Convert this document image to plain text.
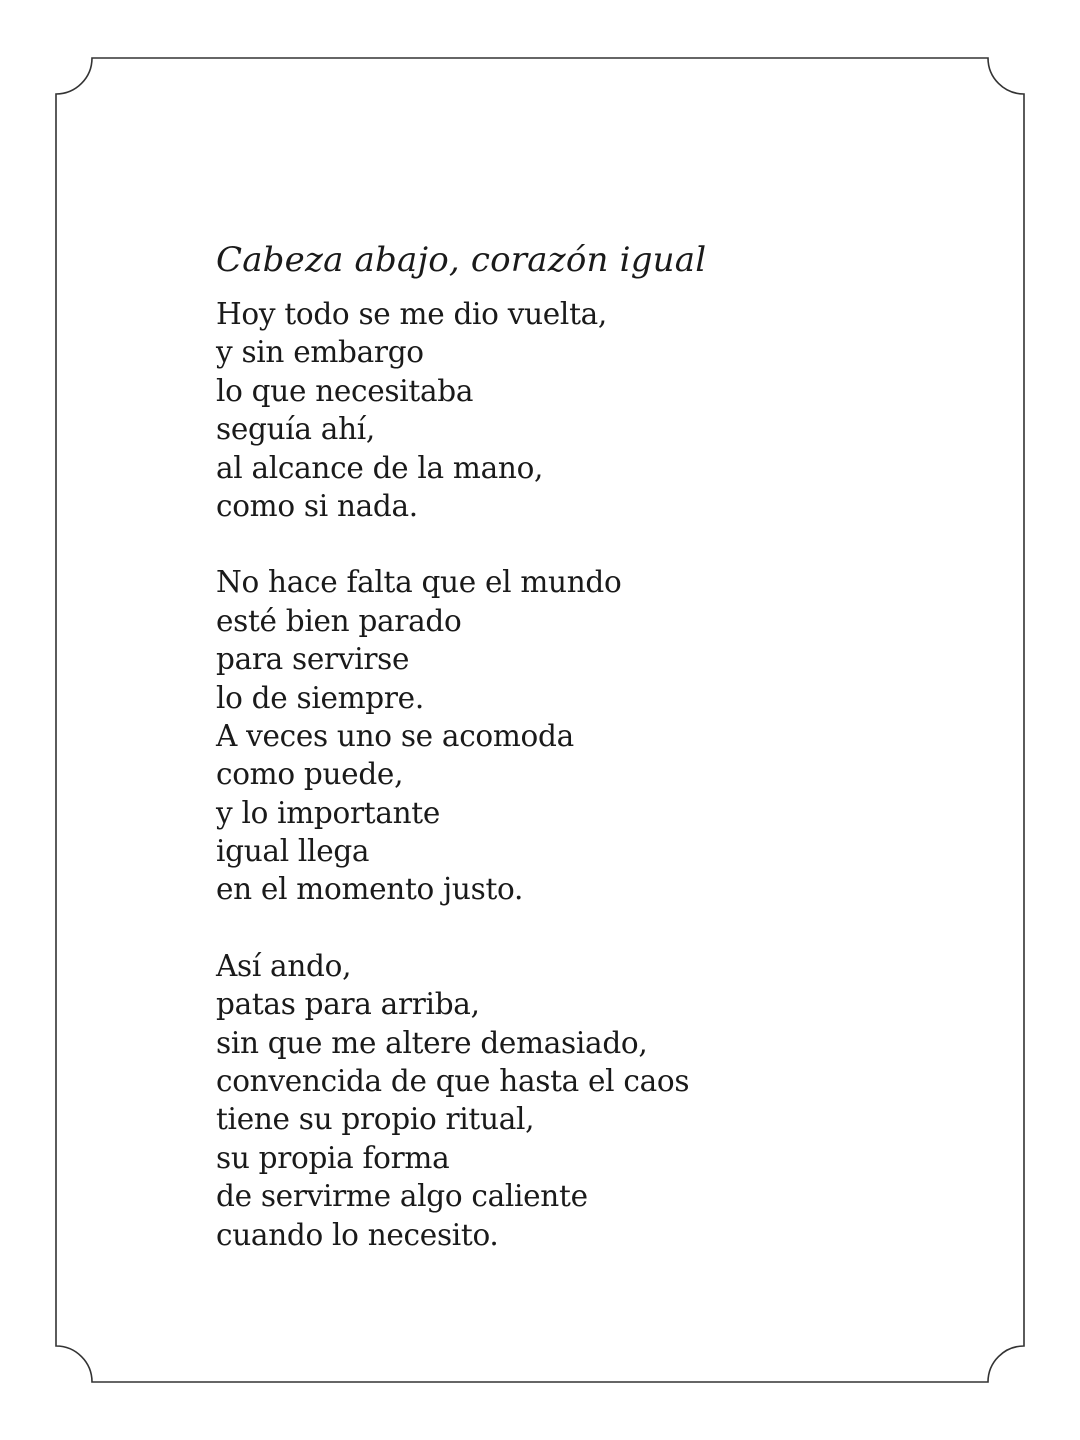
Cabeza abajo, corazón igual
Hoy todo se me dio vuelta,
y sin embargo
lo que necesitaba
seguía ahí,
al alcance de la mano,
como si nada.
No hace falta que el mundo
esté bien parado
para servirse
lo de siempre.
A veces uno se acomoda
como puede,
y lo importante
igual llega
en el momento justo.
Así ando,
patas para arriba,
sin que me altere demasiado,
convencida de que hasta el caos
tiene su propio ritual,
su propia forma
de servirme algo caliente
cuando lo necesito.
